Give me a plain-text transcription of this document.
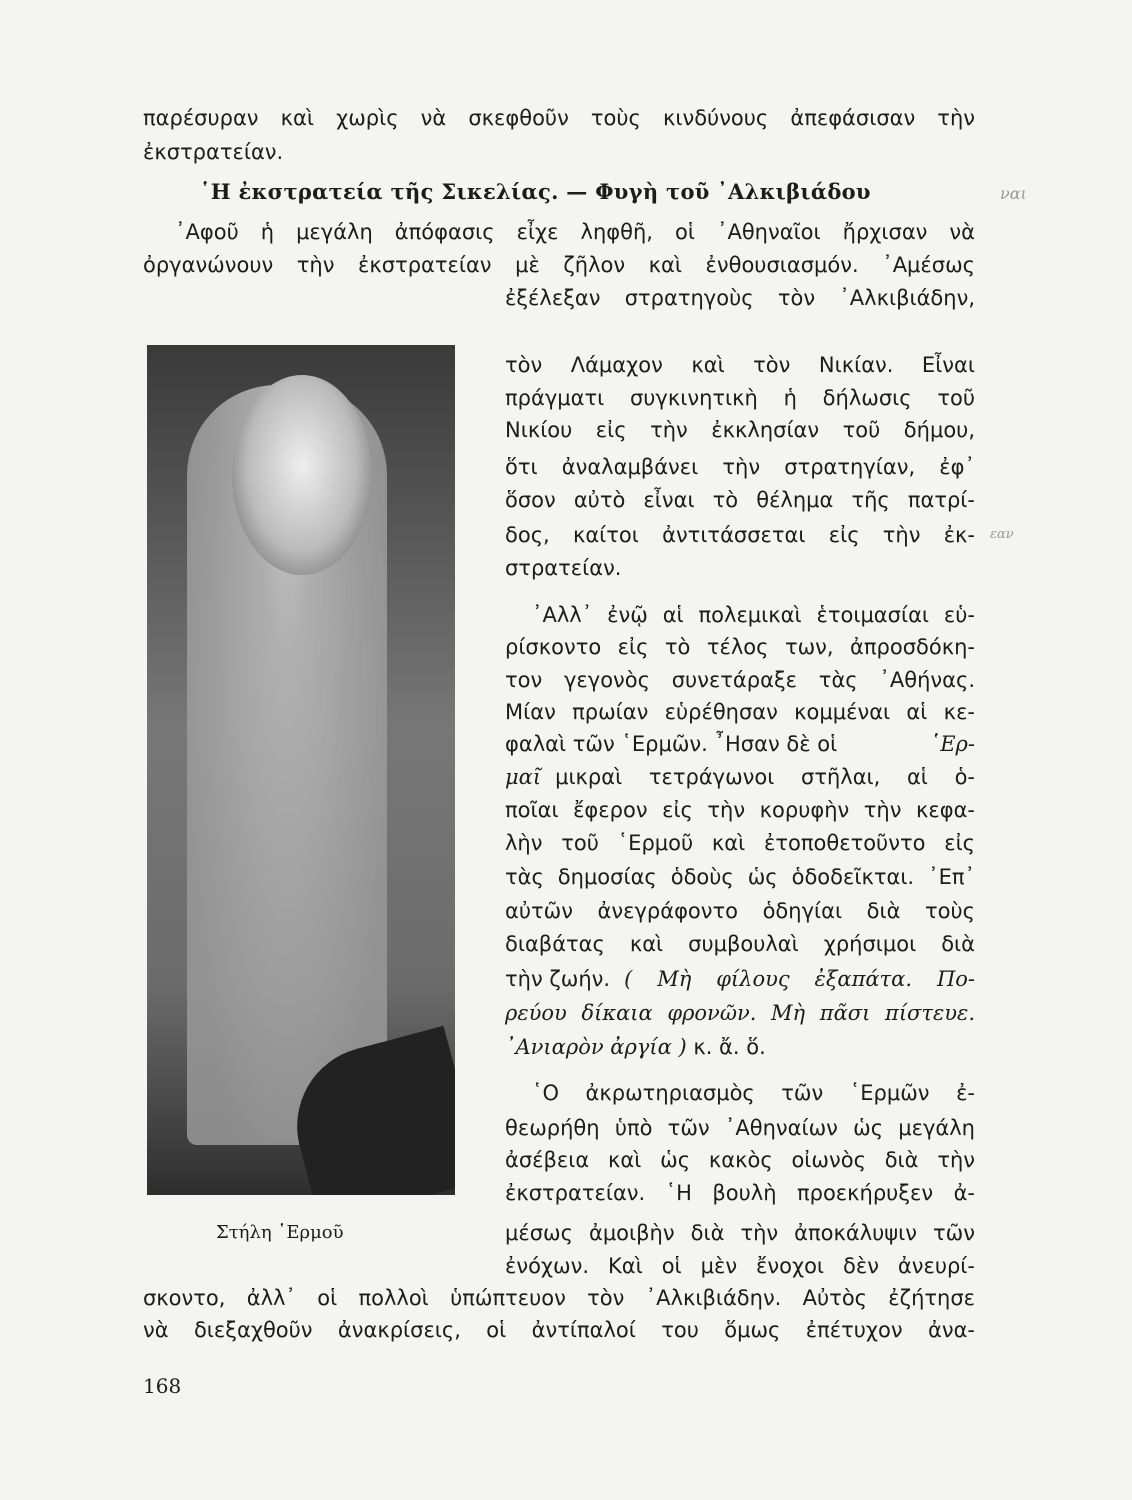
παρέσυραν καὶ χωρὶς νὰ σκεφθοῦν τοὺς κινδύνους ἀπεφάσισαν τὴν
ἐκστρατείαν.
῾Η ἐκστρατεία τῆς Σικελίας. — Φυγὴ τοῦ ᾿Αλκιβιάδου	ναι
᾿Αφοῦ ἡ μεγάλη ἀπόφασις εἶχε ληφθῆ, οἱ ᾿Αθηναῖοι ἤρχισαν νὰ
ὀργανώνουν τὴν ἐκστρατείαν μὲ ζῆλον καὶ ἐνθουσιασμόν. ᾿Αμέσως
Στήλη ῾Ερμοῦ
ἐξέλεξαν στρατηγοὺς τὸν ᾿Αλκιβιάδην,
τὸν Λάμαχον καὶ τὸν Νικίαν. Εἶναι
πράγματι συγκινητικὴ ἡ δήλωσις τοῦ
Νικίου εἰς τὴν ἐκκλησίαν τοῦ δήμου,
ὅτι ἀναλαμβάνει τὴν στρατηγίαν, ἐφ᾿
ὅσον αὐτὸ εἶναι τὸ θέλημα τῆς πατρί-
εαν
δος, καίτοι ἀντιτάσσεται εἰς τὴν ἐκ-
στρατείαν.
᾿Αλλ᾿ ἐνῷ αἱ πολεμικαὶ ἑτοιμασίαι εὑ-
ρίσκοντο εἰς τὸ τέλος των, ἀπροσδόκη-
τον γεγονὸς συνετάραξε τὰς ᾿Αθήνας.
Μίαν πρωίαν εὑρέθησαν κομμέναι αἱ κε-
φαλαὶ τῶν ῾Ερμῶν. ῏Ησαν δὲ οἱ	῾Ερ-
μαῖ μικραὶ τετράγωνοι στῆλαι, αἱ ὁ-
ποῖαι ἔφερον εἰς τὴν κορυφὴν τὴν κεφα-
λὴν τοῦ ῾Ερμοῦ καὶ ἐτοποθετοῦντο εἰς
τὰς δημοσίας ὁδοὺς ὡς ὁδοδεῖκται. ᾿Επ᾿
αὐτῶν ἀνεγράφοντο ὁδηγίαι διὰ τοὺς
διαβάτας καὶ συμβουλαὶ χρήσιμοι διὰ
τὴν ζωήν. ( Μὴ φίλους ἐξαπάτα. Πο-
ρεύου δίκαια φρονῶν. Μὴ πᾶσι πίστευε.
᾿Ανιαρὸν ἀργία ) κ. ἄ. ὅ.
῾Ο ἀκρωτηριασμὸς τῶν ῾Ερμῶν ἐ-
θεωρήθη ὑπὸ τῶν ᾿Αθηναίων ὡς μεγάλη
ἀσέβεια καὶ ὡς κακὸς οἰωνὸς διὰ τὴν
ἐκστρατείαν. ῾Η βουλὴ προεκήρυξεν ἀ-
μέσως ἀμοιβὴν διὰ τὴν ἀποκάλυψιν τῶν
ἐνόχων. Καὶ οἱ μὲν ἔνοχοι δὲν ἀνευρί-
σκοντο, ἀλλ᾿ οἱ πολλοὶ ὑπώπτευον τὸν ᾿Αλκιβιάδην. Αὐτὸς ἐζήτησε
νὰ διεξαχθοῦν ἀνακρίσεις, οἱ ἀντίπαλοί του ὅμως ἐπέτυχον ἀνα-
168
